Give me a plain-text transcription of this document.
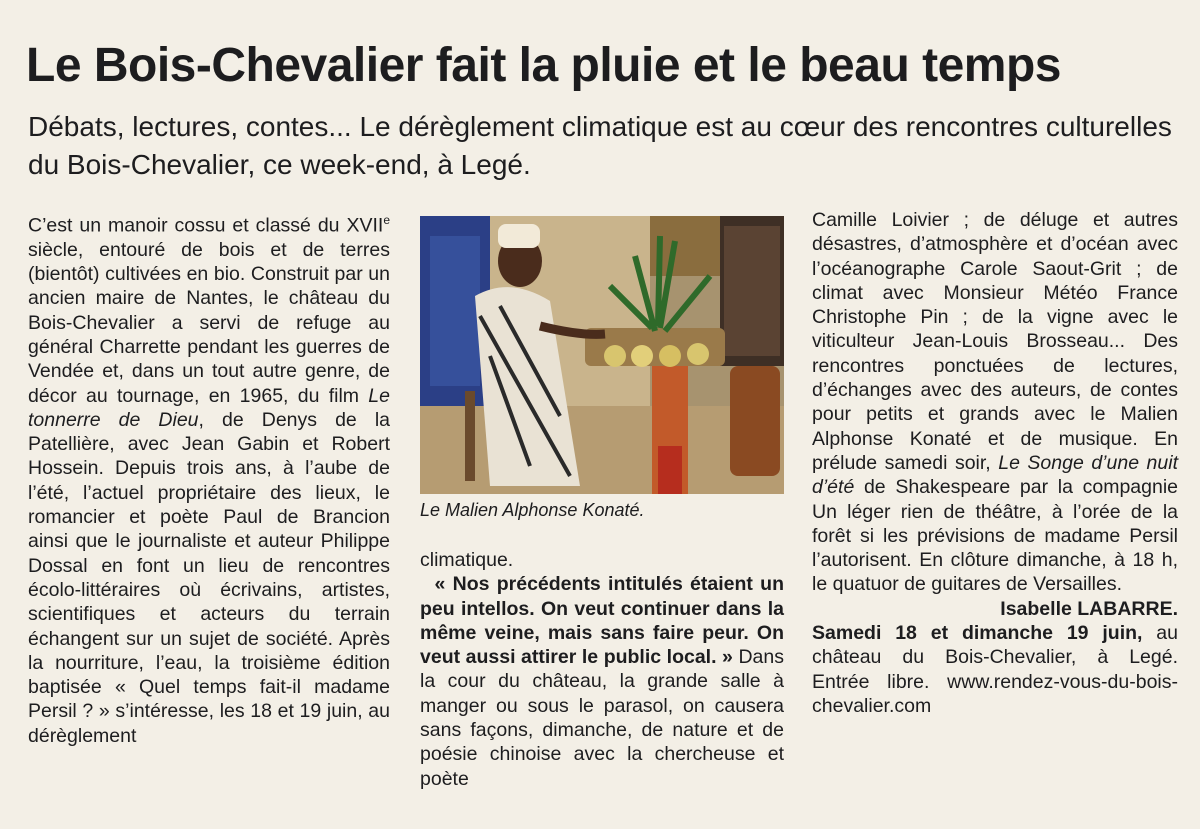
Le Bois-Chevalier fait la pluie et le beau temps
Débats, lectures, contes... Le dérèglement climatique est au cœur des rencontres culturelles du Bois-Chevalier, ce week-end, à Legé.

C’est un manoir cossu et classé du XVIIe siècle, entouré de bois et de terres (bientôt) cultivées en bio. Construit par un ancien maire de Nantes, le château du Bois-Chevalier a servi de refuge au général Charrette pendant les guerres de Vendée et, dans un tout autre genre, de décor au tournage, en 1965, du film Le tonnerre de Dieu, de Denys de la Patellière, avec Jean Gabin et Robert Hossein. Depuis trois ans, à l’aube de l’été, l’actuel propriétaire des lieux, le romancier et poète Paul de Brancion ainsi que le journaliste et auteur Philippe Dossal en font un lieu de rencontres écolo-littéraires où écrivains, artistes, scientifiques et acteurs du terrain échangent sur un sujet de société. Après la nourriture, l’eau, la troisième édition baptisée « Quel temps fait-il madame Persil ? » s’intéresse, les 18 et 19 juin, au dérèglement

Le Malien Alphonse Konaté.

climatique.

« Nos précédents intitulés étaient un peu intellos. On veut continuer dans la même veine, mais sans faire peur. On veut aussi attirer le public local. » Dans la cour du château, la grande salle à manger ou sous le parasol, on causera sans façons, dimanche, de nature et de poésie chinoise avec la chercheuse et poète

Camille Loivier ; de déluge et autres désastres, d’atmosphère et d’océan avec l’océanographe Carole Saout-Grit ; de climat avec Monsieur Météo France Christophe Pin ; de la vigne avec le viticulteur Jean-Louis Brosseau... Des rencontres ponctuées de lectures, d’échanges avec des auteurs, de contes pour petits et grands avec le Malien Alphonse Konaté et de musique. En prélude samedi soir, Le Songe d’une nuit d’été de Shakespeare par la compagnie Un léger rien de théâtre, à l’orée de la forêt si les prévisions de madame Persil l’autorisent. En clôture dimanche, à 18 h, le quatuor de guitares de Versailles.

Isabelle LABARRE.

Samedi 18 et dimanche 19 juin, au château du Bois-Chevalier, à Legé. Entrée libre. www.rendez-vous-du-bois-chevalier.com
